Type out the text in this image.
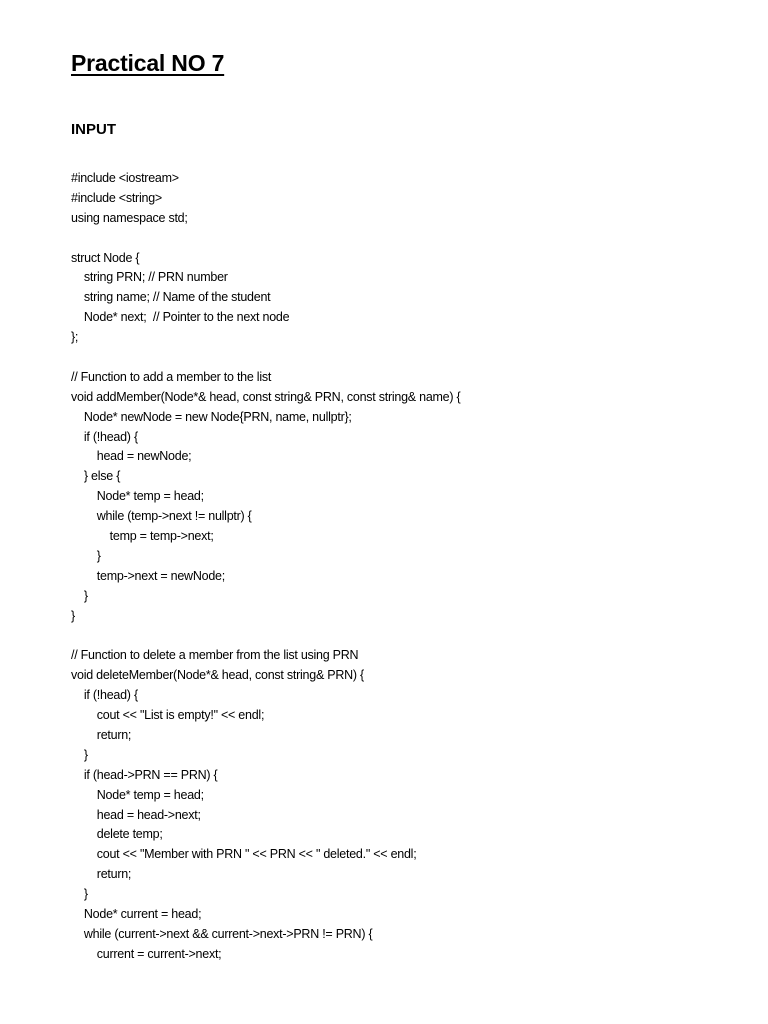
Practical NO 7
INPUT
#include <iostream>
#include <string>
using namespace std;
struct Node {
string PRN; // PRN number
string name; // Name of the student
Node* next;  // Pointer to the next node
};
// Function to add a member to the list
void addMember(Node*& head, const string& PRN, const string& name) {
Node* newNode = new Node{PRN, name, nullptr};
if (!head) {
head = newNode;
} else {
Node* temp = head;
while (temp->next != nullptr) {
temp = temp->next;
}
temp->next = newNode;
}
}
// Function to delete a member from the list using PRN
void deleteMember(Node*& head, const string& PRN) {
if (!head) {
cout << "List is empty!" << endl;
return;
}
if (head->PRN == PRN) {
Node* temp = head;
head = head->next;
delete temp;
cout << "Member with PRN " << PRN << " deleted." << endl;
return;
}
Node* current = head;
while (current->next && current->next->PRN != PRN) {
current = current->next;
